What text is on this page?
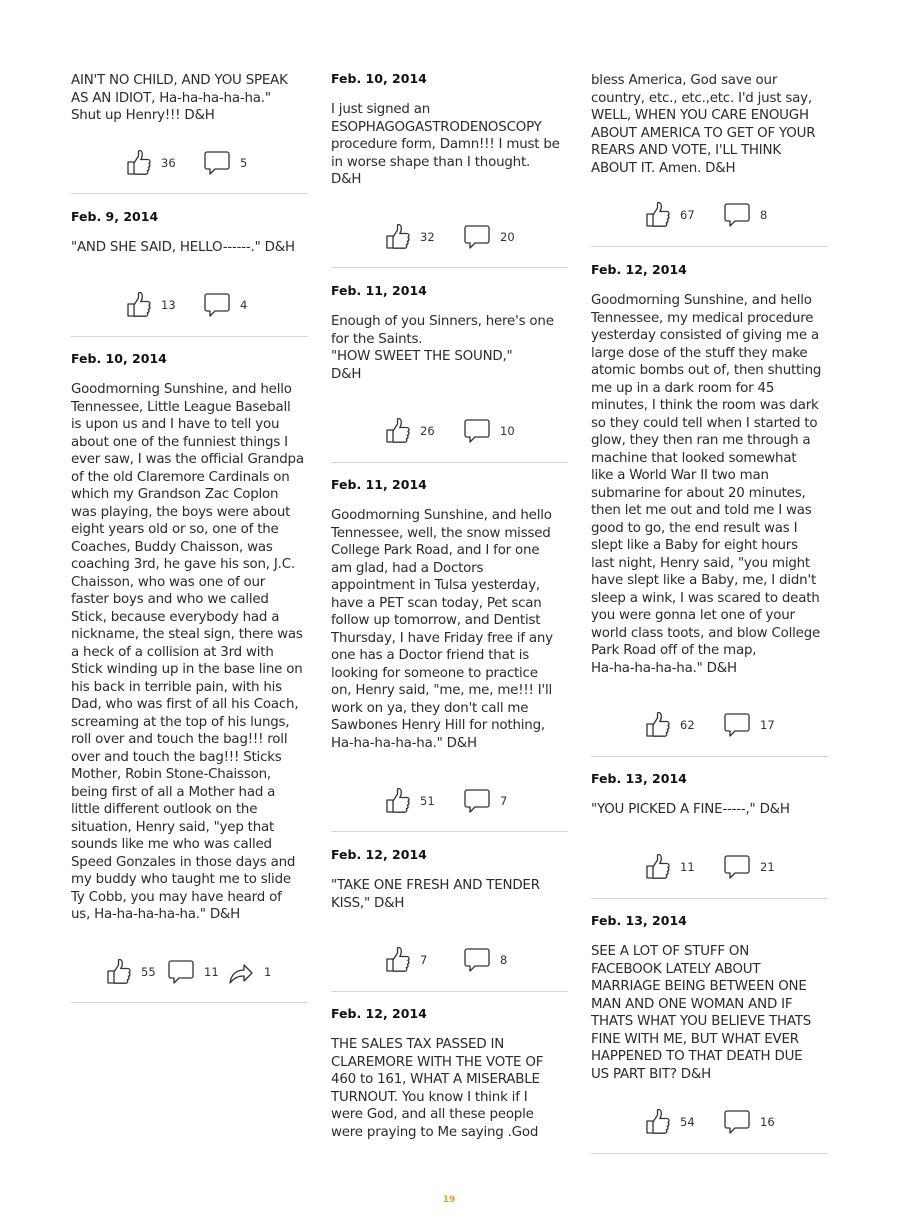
AIN'T NO CHILD, AND YOU SPEAK

AS AN IDIOT, Ha-ha-ha-ha-ha."

Shut up Henry!!! D&H

36	5
Feb. 9, 2014

"AND SHE SAID, HELLO------." D&H

13	4
Feb. 10, 2014

Goodmorning Sunshine, and hello

Tennessee, Little League Baseball

is upon us and I have to tell you

about one of the funniest things I

ever saw, I was the official Grandpa

of the old Claremore Cardinals on

which my Grandson Zac Coplon

was playing, the boys were about

eight years old or so, one of the

Coaches, Buddy Chaisson, was

coaching 3rd, he gave his son, J.C.

Chaisson, who was one of our

faster boys and who we called

Stick, because everybody had a

nickname, the steal sign, there was

a heck of a collision at 3rd with

Stick winding up in the base line on

his back in terrible pain, with his

Dad, who was first of all his Coach,

screaming at the top of his lungs,

roll over and touch the bag!!! roll

over and touch the bag!!! Sticks

Mother, Robin Stone-Chaisson,

being first of all a Mother had a

little different outlook on the

situation, Henry said, "yep that

sounds like me who was called

Speed Gonzales in those days and

my buddy who taught me to slide

Ty Cobb, you may have heard of

us, Ha-ha-ha-ha-ha." D&H

55	11	1
Feb. 10, 2014

I just signed an

ESOPHAGOGASTRODENOSCOPY

procedure form, Damn!!! I must be

in worse shape than I thought.

D&H

32	20
Feb. 11, 2014

Enough of you Sinners, here's one

for the Saints.

"HOW SWEET THE SOUND,"

D&H

26	10
Feb. 11, 2014

Goodmorning Sunshine, and hello

Tennessee, well, the snow missed

College Park Road, and I for one

am glad, had a Doctors

appointment in Tulsa yesterday,

have a PET scan today, Pet scan

follow up tomorrow, and Dentist

Thursday, I have Friday free if any

one has a Doctor friend that is

looking for someone to practice

on, Henry said, "me, me, me!!! I'll

work on ya, they don't call me

Sawbones Henry Hill for nothing,

Ha-ha-ha-ha-ha." D&H

51	7
Feb. 12, 2014

"TAKE ONE FRESH AND TENDER

KISS," D&H

7	8
Feb. 12, 2014

THE SALES TAX PASSED IN

CLAREMORE WITH THE VOTE OF

460 to 161, WHAT A MISERABLE

TURNOUT. You know I think if I

were God, and all these people

were praying to Me saying .God

bless America, God save our

country, etc., etc.,etc. I'd just say,

WELL, WHEN YOU CARE ENOUGH

ABOUT AMERICA TO GET OF YOUR

REARS AND VOTE, I'LL THINK

ABOUT IT. Amen. D&H

67	8
Feb. 12, 2014

Goodmorning Sunshine, and hello

Tennessee, my medical procedure

yesterday consisted of giving me a

large dose of the stuff they make

atomic bombs out of, then shutting

me up in a dark room for 45

minutes, I think the room was dark

so they could tell when I started to

glow, they then ran me through a

machine that looked somewhat

like a World War II two man

submarine for about 20 minutes,

then let me out and told me I was

good to go, the end result was I

slept like a Baby for eight hours

last night, Henry said, "you might

have slept like a Baby, me, I didn't

sleep a wink, I was scared to death

you were gonna let one of your

world class toots, and blow College

Park Road off of the map,

Ha-ha-ha-ha-ha." D&H

62	17
Feb. 13, 2014

"YOU PICKED A FINE-----," D&H

11	21
Feb. 13, 2014

SEE A LOT OF STUFF ON

FACEBOOK LATELY ABOUT

MARRIAGE BEING BETWEEN ONE

MAN AND ONE WOMAN AND IF

THATS WHAT YOU BELIEVE THATS

FINE WITH ME, BUT WHAT EVER

HAPPENED TO THAT DEATH DUE

US PART BIT? D&H

54	16
19
